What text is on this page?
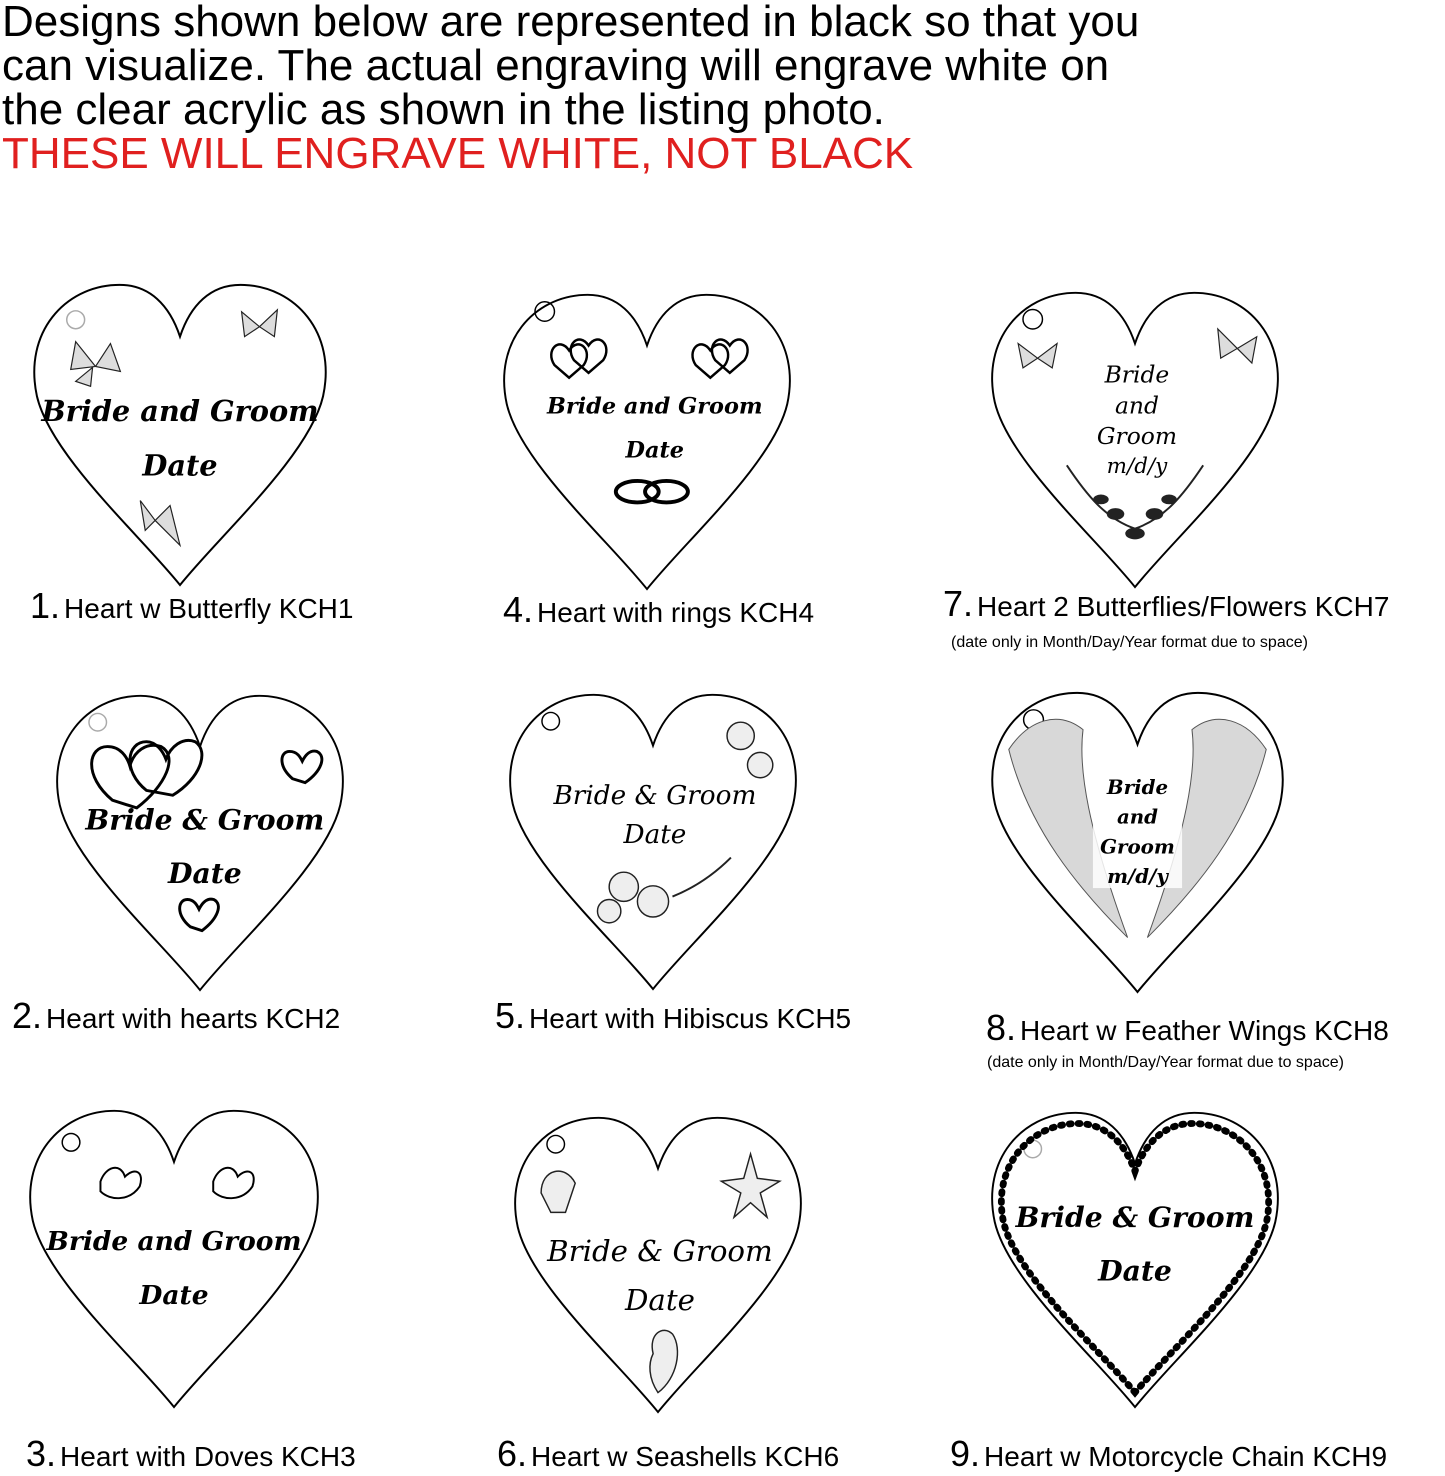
Designs shown below are represented in black so that you

can visualize. The actual engraving will engrave white on

the clear acrylic as shown in the listing photo.

THESE WILL ENGRAVE WHITE, NOT BLACK

Bride and Groom
Date
1. Heart w Butterfly KCH1
Bride and Groom
Date
4. Heart with rings KCH4
Bride
and
Groom
m/d/y
7. Heart 2 Butterflies/Flowers KCH7
(date only in Month/Day/Year format due to space)
Bride & Groom
Date
2. Heart with hearts KCH2
Bride & Groom
Date
5. Heart with Hibiscus KCH5
Bride
and
Groom
m/d/y
8. Heart w Feather Wings KCH8
(date only in Month/Day/Year format due to space)
Bride and Groom
Date
3. Heart with Doves KCH3
Bride & Groom
Date
6. Heart w Seashells KCH6
Bride & Groom
Date
9. Heart w Motorcycle Chain KCH9
